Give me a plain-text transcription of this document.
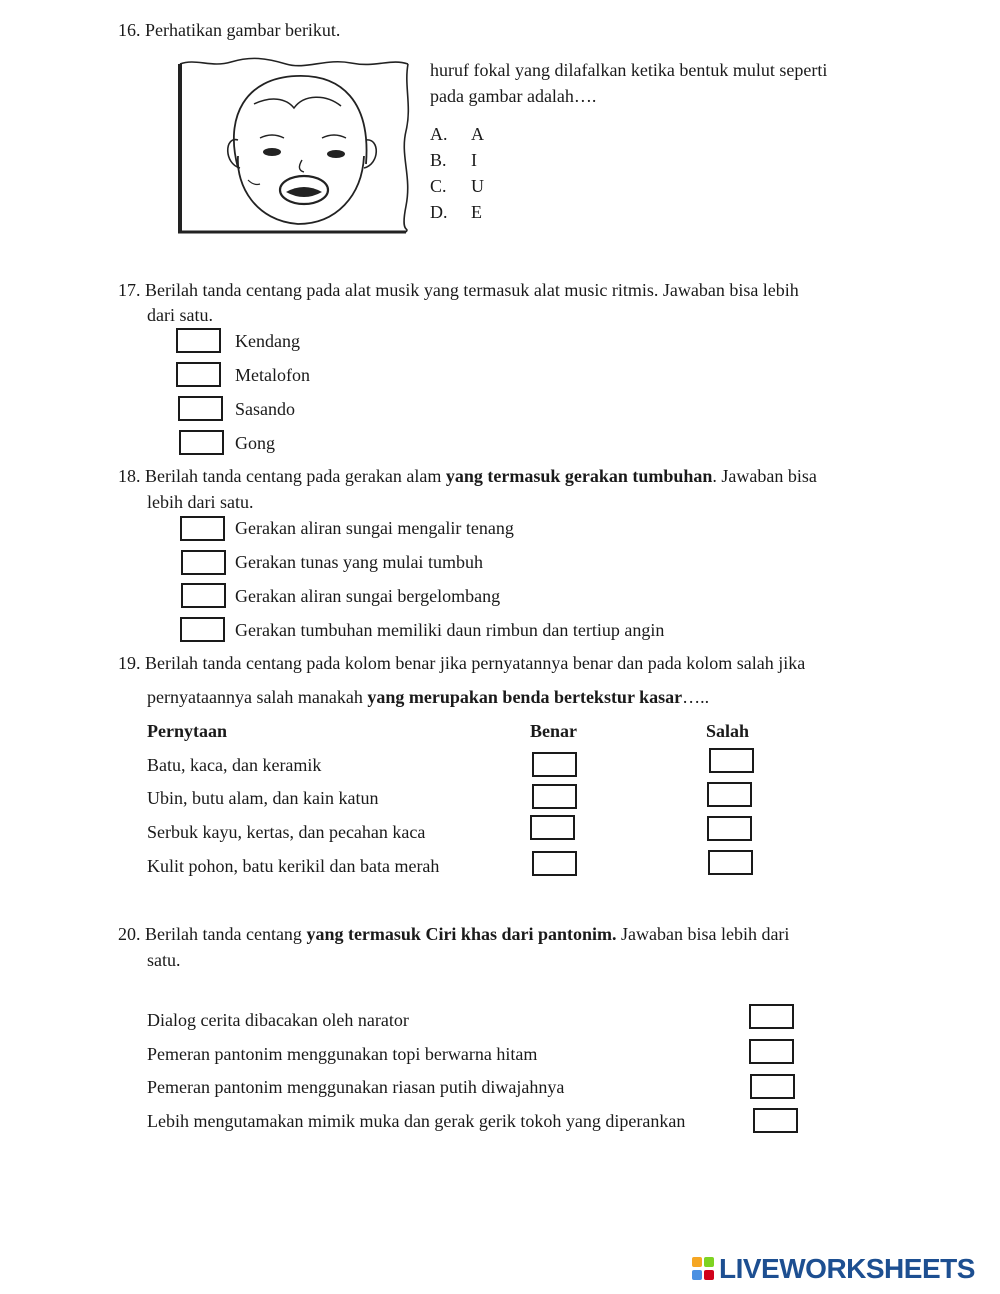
16. Perhatikan gambar berikut.
huruf fokal yang dilafalkan ketika bentuk mulut seperti
pada gambar adalah….
A. A
B. I
C. U
D. E
17. Berilah tanda centang pada alat musik yang termasuk alat music ritmis. Jawaban bisa lebih
dari satu.
Kendang
Metalofon
Sasando
Gong
18. Berilah tanda centang pada gerakan alam yang termasuk gerakan tumbuhan. Jawaban bisa
lebih dari satu.
Gerakan aliran sungai mengalir tenang
Gerakan tunas yang mulai tumbuh
Gerakan aliran sungai bergelombang
Gerakan tumbuhan memiliki daun rimbun dan tertiup angin
19. Berilah tanda centang pada kolom benar jika pernyatannya benar dan pada kolom salah jika
pernyataannya salah manakah yang merupakan benda bertekstur kasar…..
Pernytaan	Benar	Salah
Batu, kaca, dan keramik
Ubin, butu alam, dan kain katun
Serbuk kayu, kertas, dan pecahan kaca
Kulit pohon, batu kerikil dan bata merah
20. Berilah tanda centang yang termasuk Ciri khas dari pantonim. Jawaban bisa lebih dari
satu.
Dialog cerita dibacakan oleh narator
Pemeran pantonim menggunakan topi berwarna hitam
Pemeran pantonim menggunakan riasan putih diwajahnya
Lebih mengutamakan mimik muka dan gerak gerik tokoh yang diperankan
LIVEWORKSHEETS
